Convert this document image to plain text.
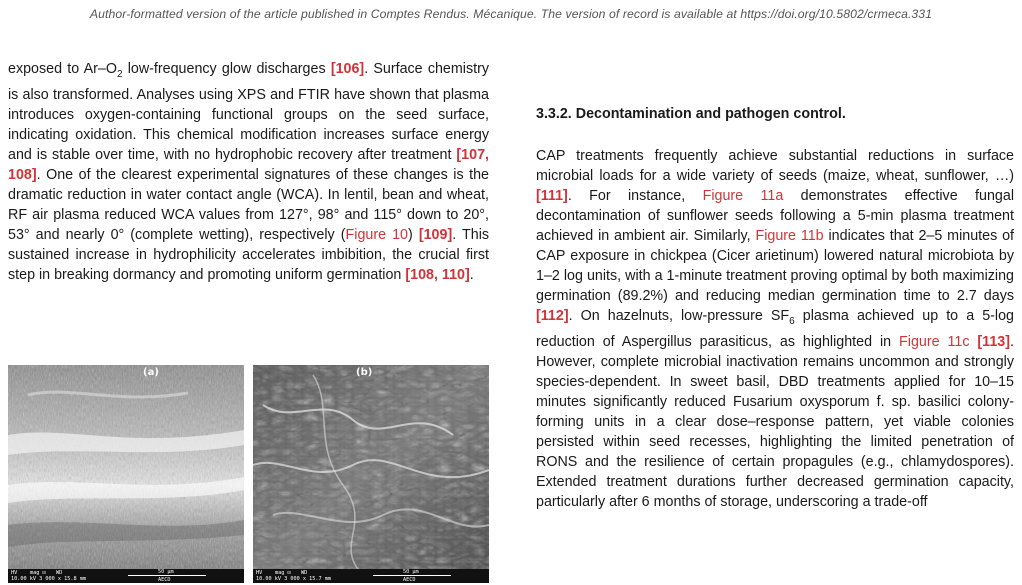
Author-formatted version of the article published in Comptes Rendus. Mécanique. The version of record is available at https://doi.org/10.5802/crmeca.331

exposed to $Ar-O_2$ low-frequency glow discharges [106]. Surface chemistry is also transformed. Analyses using XPS and FTIR have shown that plasma introduces oxygen-containing functional groups on the seed surface, indicating oxidation. This chemical modification increases surface energy and is stable over time, with no hydrophobic recovery after treatment [107, 108]. One of the clearest experimental signatures of these changes is the dramatic reduction in water contact angle (WCA). In lentil, bean and wheat, RF air plasma reduced WCA values from 127°, 98° and 115° down to 20°, 53° and nearly 0° (complete wetting), respectively (Figure 10) [109]. This sustained increase in hydrophilicity accelerates imbibition, the crucial first step in breaking dormancy and promoting uniform germination [108, 110].

3.3.2. Decontamination and pathogen control.

CAP treatments frequently achieve substantial reductions in surface microbial loads for a wide variety of seeds (maize, wheat, sunflower, …) [111]. For instance, Figure 11a demonstrates effective fungal decontamination of sunflower seeds following a 5-min plasma treatment achieved in ambient air. Similarly, Figure 11b indicates that 2–5 minutes of CAP exposure in chickpea (Cicer arietinum) lowered natural microbiota by 1–2 log units, with a 1-minute treatment proving optimal by both maximizing germination (89.2%) and reducing median germination time to 2.7 days [112]. On hazelnuts, low-pressure $SF_6$ plasma achieved up to a 5-log reduction of Aspergillus parasiticus, as highlighted in Figure 11c [113]. However, complete microbial inactivation remains uncommon and strongly species-dependent. In sweet basil, DBD treatments applied for 10–15 minutes significantly reduced Fusarium oxysporum f. sp. basilici colony-forming units in a clear dose–response pattern, yet viable colonies persisted within seed recesses, highlighting the limited penetration of RONS and the resilience of certain propagules (e.g., chlamydospores). Extended treatment durations further decreased germination capacity, particularly after 6 months of storage, underscoring a trade-off

(a)
HV mag ⊡ WD
10.00 kV 3 000 x 15.8 mm
50 µm
AECD
(b)
HV mag ⊡ WD
10.00 kV 3 000 x 15.7 mm
50 µm
AECD
